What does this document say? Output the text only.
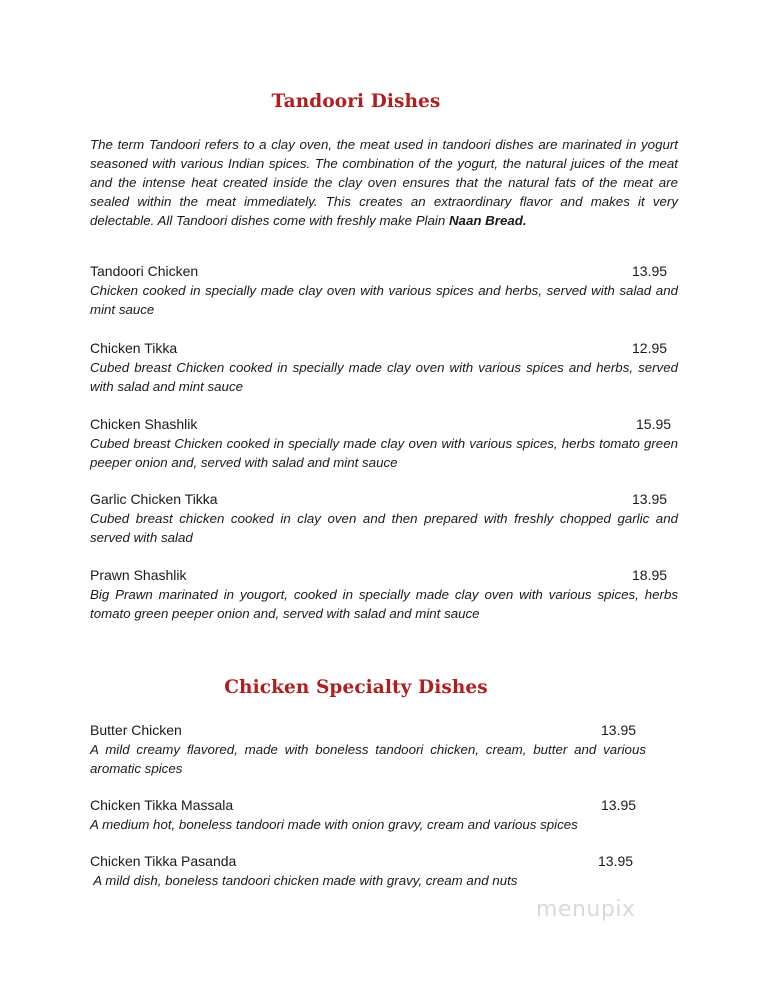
Tandoori Dishes
The term Tandoori refers to a clay oven, the meat used in tandoori dishes are marinated in yogurt seasoned with various Indian spices. The combination of the yogurt, the natural juices of the meat and the intense heat created inside the clay oven ensures that the natural fats of the meat are sealed within the meat immediately. This creates an extraordinary flavor and makes it very delectable. All Tandoori dishes come with freshly make Plain Naan Bread.
Tandoori Chicken	13.95
Chicken cooked in specially made clay oven with various spices and herbs, served with salad and mint sauce
Chicken Tikka	12.95
Cubed breast Chicken cooked in specially made clay oven with various spices and herbs, served with salad and mint sauce
Chicken Shashlik	15.95
Cubed breast Chicken cooked in specially made clay oven with various spices, herbs tomato green peeper onion and, served with salad and mint sauce
Garlic Chicken Tikka	13.95
Cubed breast chicken cooked in clay oven and then prepared with freshly chopped garlic and served with salad
Prawn Shashlik	18.95
Big Prawn marinated in yougort, cooked in specially made clay oven with various spices, herbs tomato green peeper onion and, served with salad and mint sauce
Chicken Specialty Dishes
Butter Chicken	13.95
A mild creamy flavored, made with boneless tandoori chicken, cream, butter and various aromatic spices
Chicken Tikka Massala	13.95
A medium hot, boneless tandoori made with onion gravy, cream and various spices
Chicken Tikka Pasanda	13.95
A mild dish, boneless tandoori chicken made with gravy, cream and nuts
menupix
